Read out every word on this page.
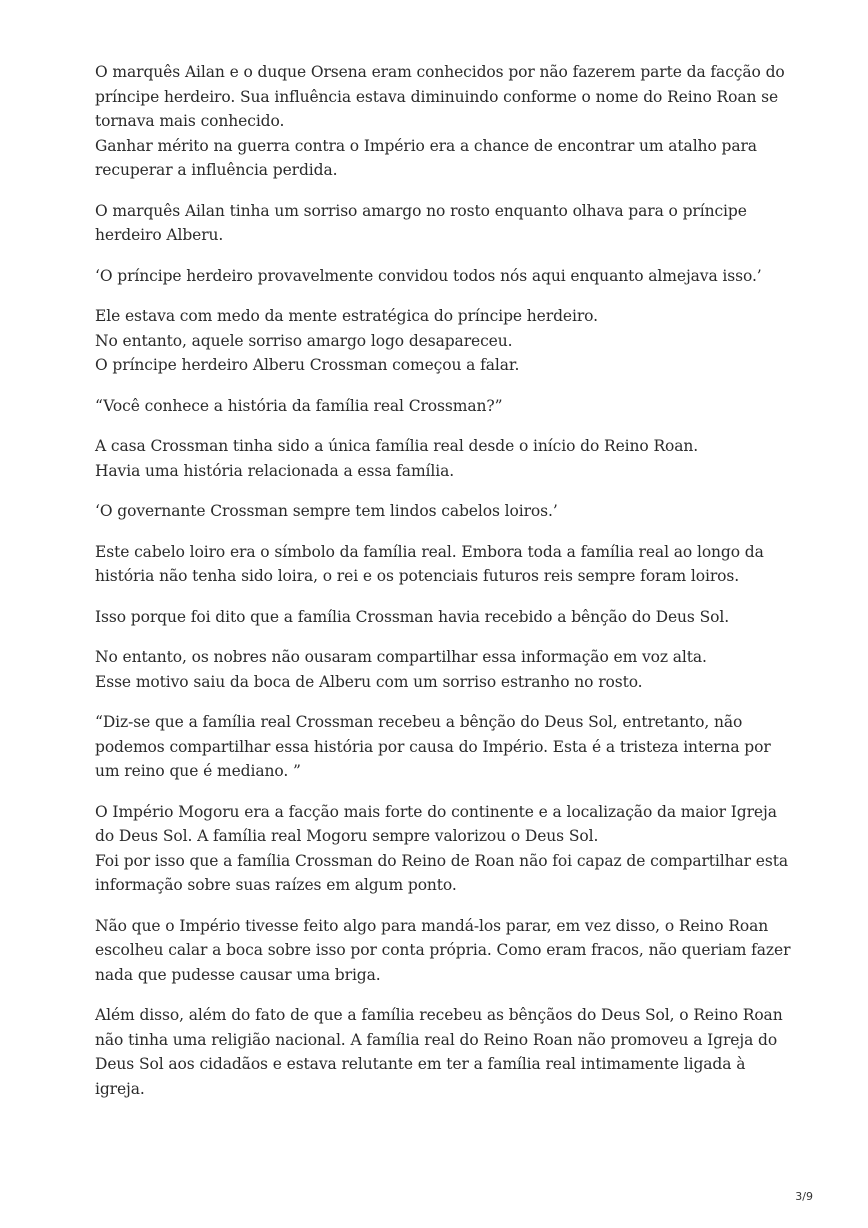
O marquês Ailan e o duque Orsena eram conhecidos por não fazerem parte da facção do
príncipe herdeiro. Sua influência estava diminuindo conforme o nome do Reino Roan se
tornava mais conhecido.
Ganhar mérito na guerra contra o Império era a chance de encontrar um atalho para
recuperar a influência perdida.

O marquês Ailan tinha um sorriso amargo no rosto enquanto olhava para o príncipe
herdeiro Alberu.

‘O príncipe herdeiro provavelmente convidou todos nós aqui enquanto almejava isso.’

Ele estava com medo da mente estratégica do príncipe herdeiro.
No entanto, aquele sorriso amargo logo desapareceu.
O príncipe herdeiro Alberu Crossman começou a falar.

“Você conhece a história da família real Crossman?”

A casa Crossman tinha sido a única família real desde o início do Reino Roan.
Havia uma história relacionada a essa família.

‘O governante Crossman sempre tem lindos cabelos loiros.’

Este cabelo loiro era o símbolo da família real. Embora toda a família real ao longo da
história não tenha sido loira, o rei e os potenciais futuros reis sempre foram loiros.

Isso porque foi dito que a família Crossman havia recebido a bênção do Deus Sol.

No entanto, os nobres não ousaram compartilhar essa informação em voz alta.
Esse motivo saiu da boca de Alberu com um sorriso estranho no rosto.

“Diz-se que a família real Crossman recebeu a bênção do Deus Sol, entretanto, não
podemos compartilhar essa história por causa do Império. Esta é a tristeza interna por
um reino que é mediano. ”

O Império Mogoru era a facção mais forte do continente e a localização da maior Igreja
do Deus Sol. A família real Mogoru sempre valorizou o Deus Sol.
Foi por isso que a família Crossman do Reino de Roan não foi capaz de compartilhar esta
informação sobre suas raízes em algum ponto.

Não que o Império tivesse feito algo para mandá-los parar, em vez disso, o Reino Roan
escolheu calar a boca sobre isso por conta própria. Como eram fracos, não queriam fazer
nada que pudesse causar uma briga.

Além disso, além do fato de que a família recebeu as bênçãos do Deus Sol, o Reino Roan
não tinha uma religião nacional. A família real do Reino Roan não promoveu a Igreja do
Deus Sol aos cidadãos e estava relutante em ter a família real intimamente ligada à
igreja.

3/9
